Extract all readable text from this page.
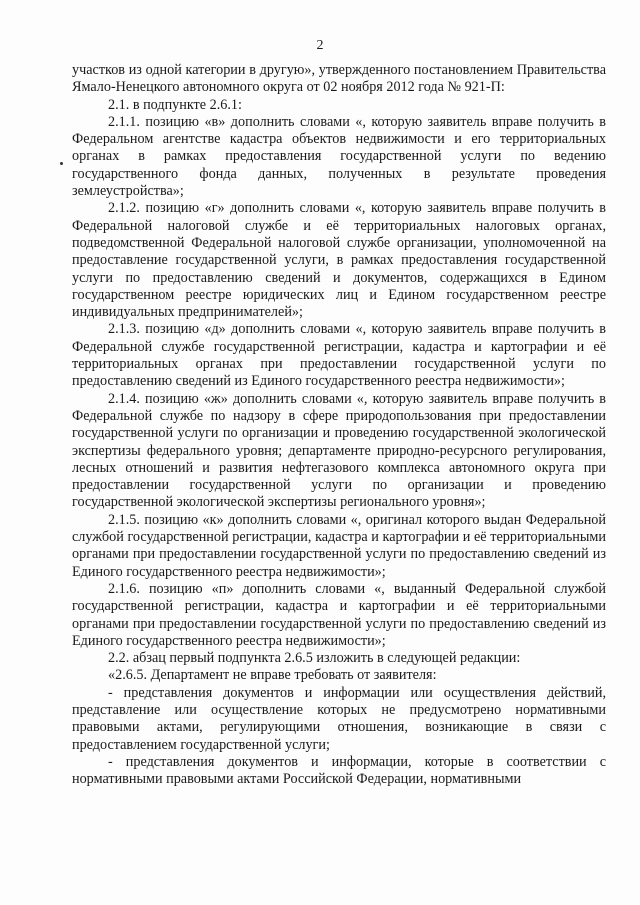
2

участков из одной категории в другую», утвержденного постановлением Правительства Ямало-Ненецкого автономного округа от 02 ноября 2012 года № 921-П:

2.1. в подпункте 2.6.1:

2.1.1. позицию «в» дополнить словами «, которую заявитель вправе получить в Федеральном агентстве кадастра объектов недвижимости и его территориальных органах в рамках предоставления государственной услуги по ведению государственного фонда данных, полученных в результате проведения землеустройства»;

2.1.2. позицию «г» дополнить словами «, которую заявитель вправе получить в Федеральной налоговой службе и её территориальных налоговых органах, подведомственной Федеральной налоговой службе организации, уполномоченной на предоставление государственной услуги, в рамках предоставления государственной услуги по предоставлению сведений и документов, содержащихся в Едином государственном реестре юридических лиц и Едином государственном реестре индивидуальных предпринимателей»;

2.1.3. позицию «д» дополнить словами «, которую заявитель вправе получить в Федеральной службе государственной регистрации, кадастра и картографии и её территориальных органах при предоставлении государственной услуги по предоставлению сведений из Единого государственного реестра недвижимости»;

2.1.4. позицию «ж» дополнить словами «, которую заявитель вправе получить в Федеральной службе по надзору в сфере природопользования при предоставлении государственной услуги по организации и проведению государственной экологической экспертизы федерального уровня; департаменте природно-ресурсного регулирования, лесных отношений и развития нефтегазового комплекса автономного округа при предоставлении государственной услуги по организации и проведению государственной экологической экспертизы регионального уровня»;

2.1.5. позицию «к» дополнить словами «, оригинал которого выдан Федеральной службой государственной регистрации, кадастра и картографии и её территориальными органами при предоставлении государственной услуги по предоставлению сведений из Единого государственного реестра недвижимости»;

2.1.6. позицию «п» дополнить словами «, выданный Федеральной службой государственной регистрации, кадастра и картографии и её территориальными органами при предоставлении государственной услуги по предоставлению сведений из Единого государственного реестра недвижимости»;

2.2. абзац первый подпункта 2.6.5 изложить в следующей редакции:

«2.6.5. Департамент не вправе требовать от заявителя:

- представления документов и информации или осуществления действий, представление или осуществление которых не предусмотрено нормативными правовыми актами, регулирующими отношения, возникающие в связи с предоставлением государственной услуги;

- представления документов и информации, которые в соответствии с нормативными правовыми актами Российской Федерации, нормативными
